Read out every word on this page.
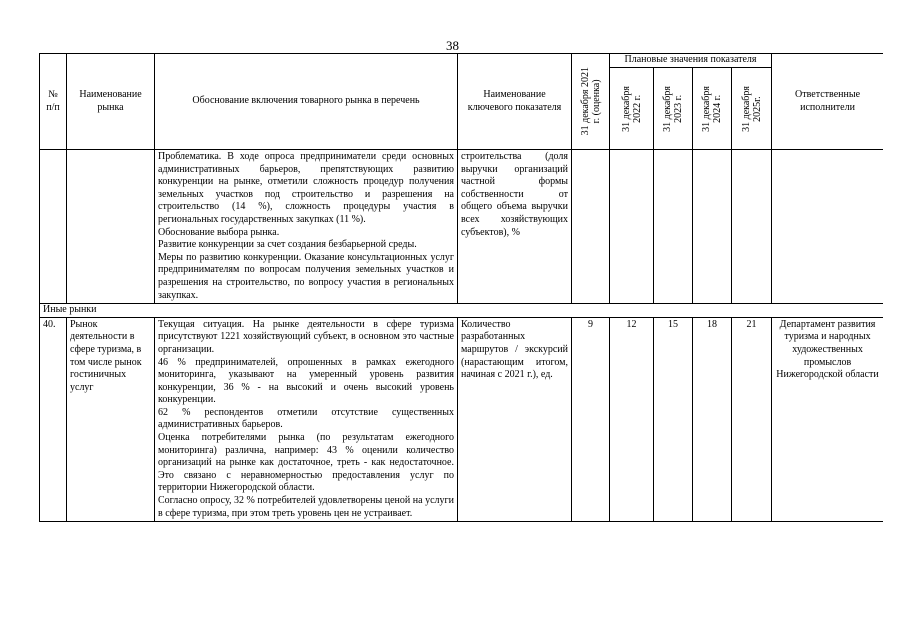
38
№ п/п	Наименование рынка	Обоснование включения товарного рынка в перечень	Наименование ключевого показателя	31 декабря 2021 г. (оценка)	Плановые значения показателя				Ответственные исполнители

					31 декабря 2022 г.	31 декабря 2023 г.	31 декабря 2024 г.	31 декабря 2025г.	

		Проблематика. В ходе опроса предприниматели среди основных административных барьеров, препятствующих развитию конкуренции на рынке, отметили сложность процедур получения земельных участков под строительство и разрешения на строительство (14 %), сложность процедуры участия в региональных государственных закупках (11 %).
Обоснование выбора рынка.
Развитие конкуренции за счет создания безбарьерной среды.
Меры по развитию конкуренции. Оказание консультационных услуг предпринимателям по вопросам получения земельных участков и разрешения на строительство, по вопросу участия в региональных закупках.	строительства (доля выручки организаций частной формы собственности от общего объема выручки всех хозяйствующих субъектов), %						
Иные рынки									
40.	Рынок деятельности в сфере туризма, в том числе рынок гостиничных услуг	Текущая ситуация. На рынке деятельности в сфере туризма присутствуют 1221 хозяйствующий субъект, в основном это частные организации.
46 % предпринимателей, опрошенных в рамках ежегодного мониторинга, указывают на умеренный уровень развития конкуренции, 36 % - на высокий и очень высокий уровень конкуренции.
62 % респондентов отметили отсутствие существенных административных барьеров.
Оценка потребителями рынка (по результатам ежегодного мониторинга) различна, например: 43 % оценили количество организаций на рынке как достаточное, треть - как недостаточное. Это связано с неравномерностью предоставления услуг по территории Нижегородской области.
Согласно опросу, 32 % потребителей удовлетворены ценой на услуги в сфере туризма, при этом треть уровень цен не устраивает.	Количество разработанных маршрутов / экскурсий (нарастающим итогом, начиная с 2021 г.), ед.	9	12	15	18	21	Департамент развития туризма и народных художественных промыслов Нижегородской области
